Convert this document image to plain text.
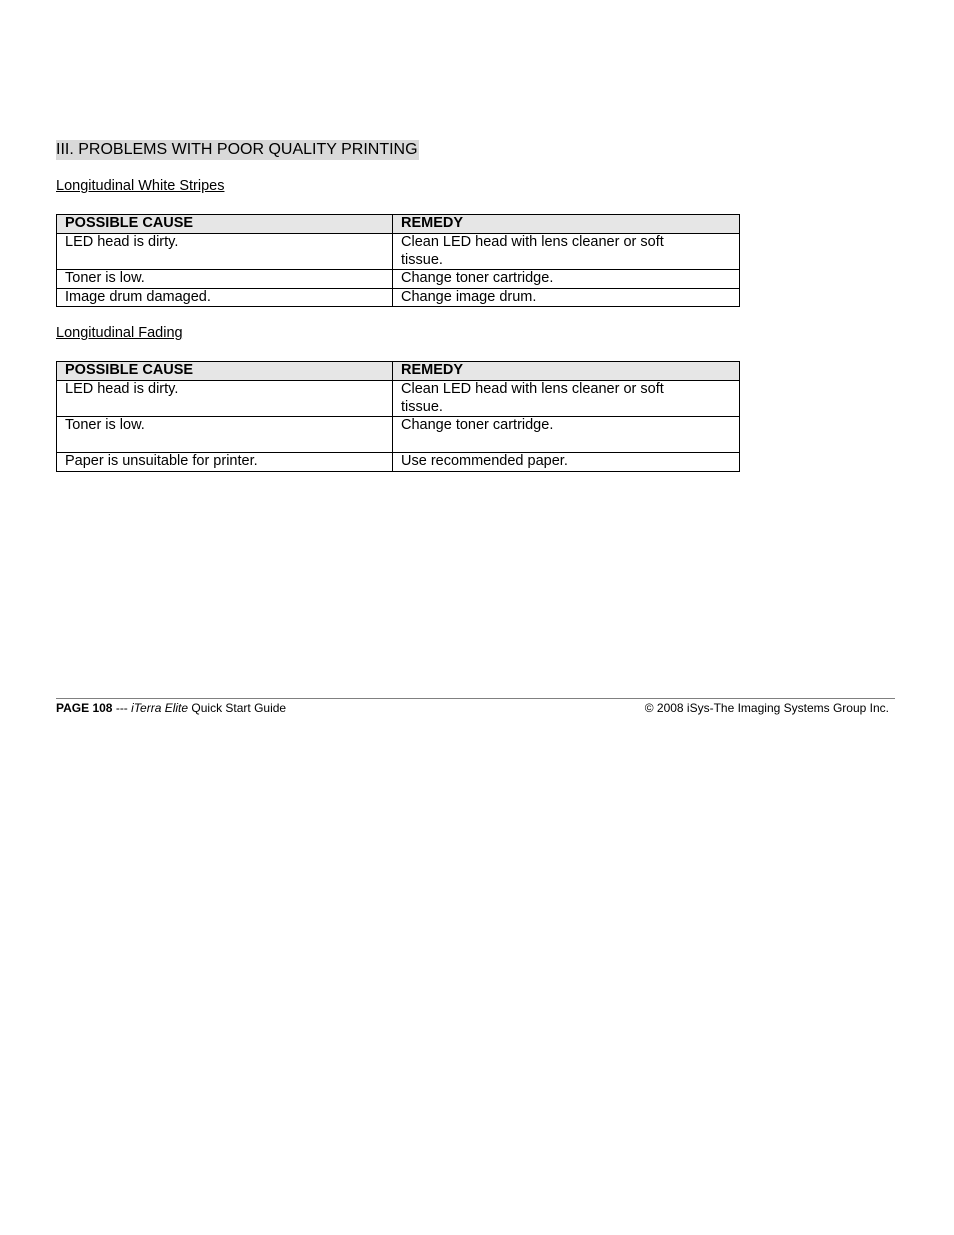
III. PROBLEMS WITH POOR QUALITY PRINTING
Longitudinal White Stripes
POSSIBLE CAUSE	REMEDY
LED head is dirty.	Clean LED head with lens cleaner or soft tissue.
Toner is low.	Change toner cartridge.
Image drum damaged.	Change image drum.
Longitudinal Fading
POSSIBLE CAUSE	REMEDY
LED head is dirty.	Clean LED head with lens cleaner or soft tissue.
Toner is low.	Change toner cartridge.
Paper is unsuitable for printer.	Use recommended paper.
PAGE 108 --- iTerra Elite Quick Start Guide	© 2008 iSys-The Imaging Systems Group Inc.
